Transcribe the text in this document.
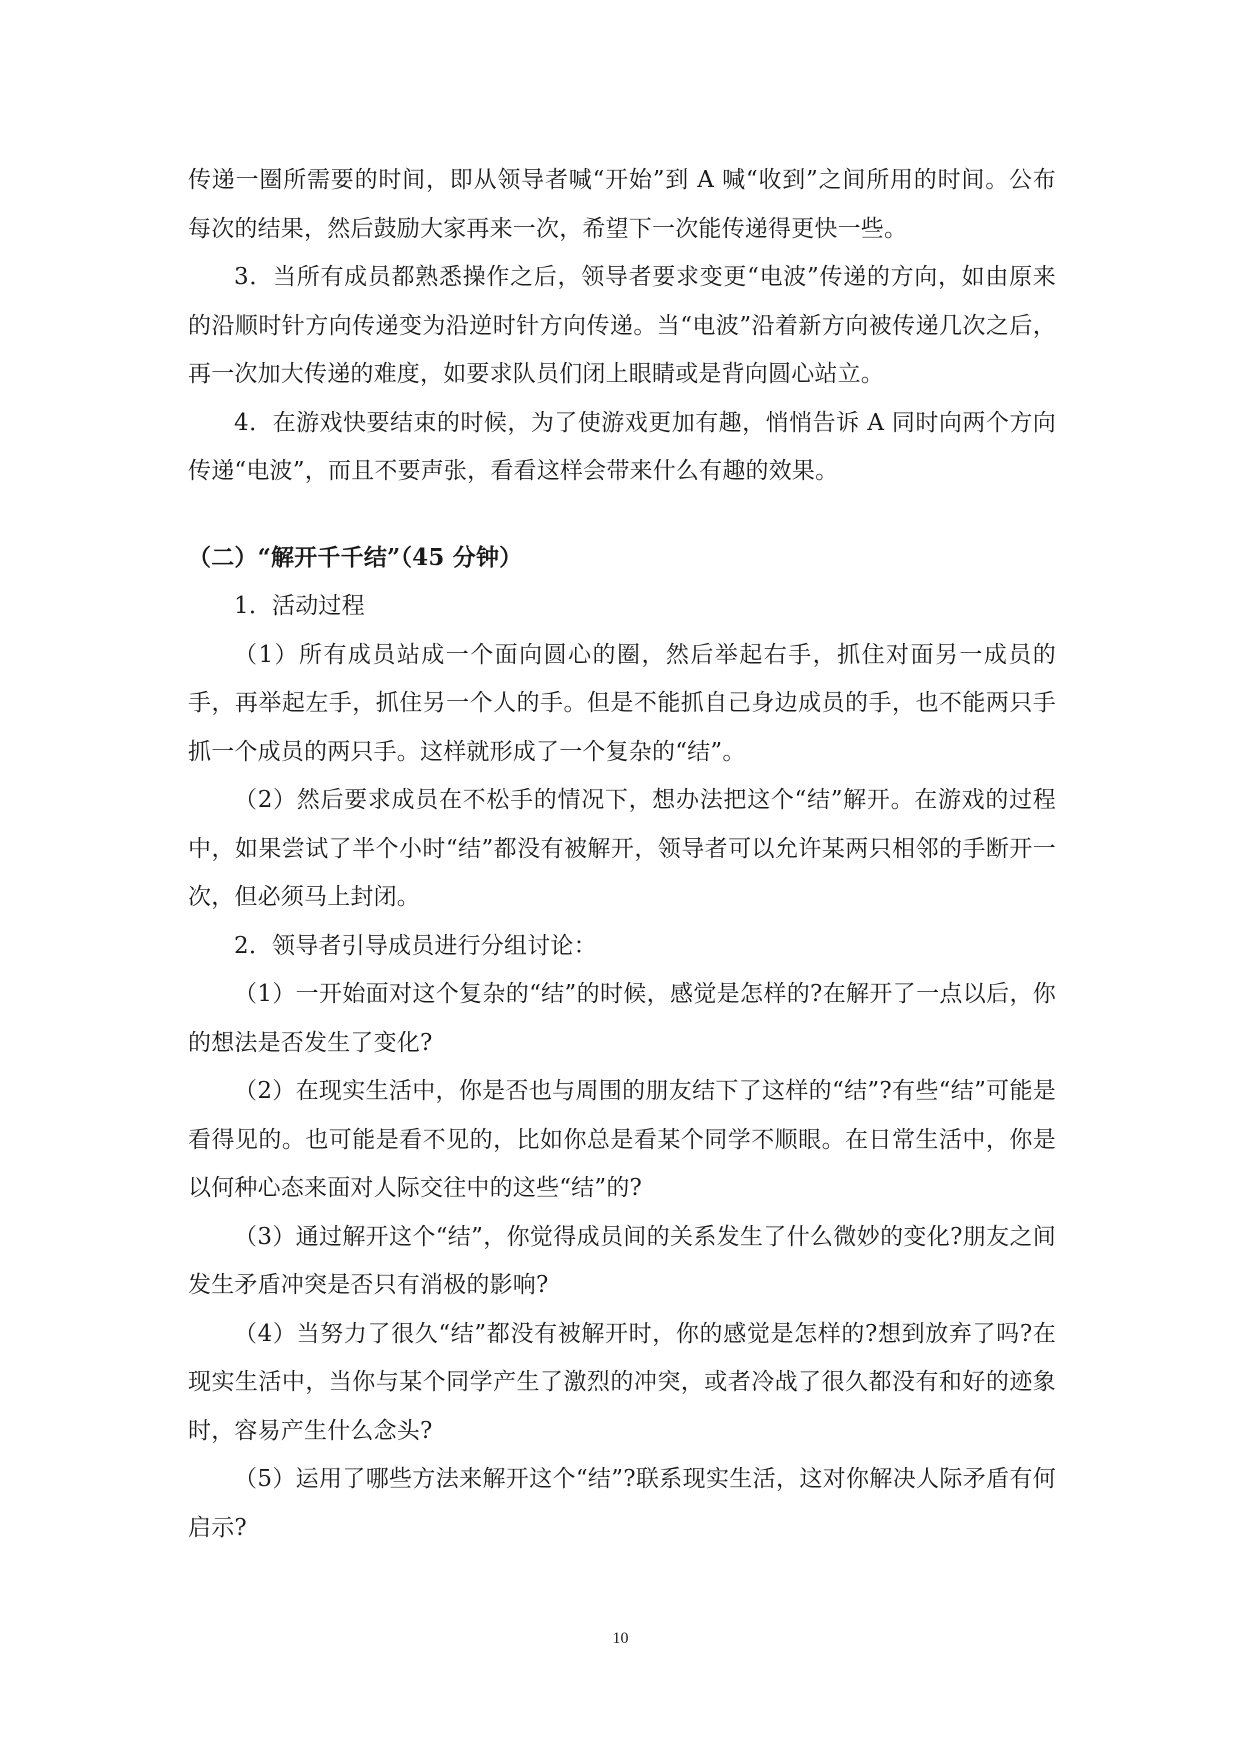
传递一圈所需要的时间，即从领导者喊“开始”到 A 喊“收到”之间所用的时间。公布每次的结果，然后鼓励大家再来一次，希望下一次能传递得更快一些。

3．当所有成员都熟悉操作之后，领导者要求变更“电波”传递的方向，如由原来的沿顺时针方向传递变为沿逆时针方向传递。当“电波”沿着新方向被传递几次之后，再一次加大传递的难度，如要求队员们闭上眼睛或是背向圆心站立。

4．在游戏快要结束的时候，为了使游戏更加有趣，悄悄告诉 A 同时向两个方向传递“电波”，而且不要声张，看看这样会带来什么有趣的效果。

（二）“解开千千结”（45 分钟）

1．活动过程

（1）所有成员站成一个面向圆心的圈，然后举起右手，抓住对面另一成员的手，再举起左手，抓住另一个人的手。但是不能抓自己身边成员的手，也不能两只手抓一个成员的两只手。这样就形成了一个复杂的“结”。

（2）然后要求成员在不松手的情况下，想办法把这个“结”解开。在游戏的过程中，如果尝试了半个小时“结”都没有被解开，领导者可以允许某两只相邻的手断开一次，但必须马上封闭。

2．领导者引导成员进行分组讨论：

（1）一开始面对这个复杂的“结”的时候，感觉是怎样的?在解开了一点以后，你的想法是否发生了变化?

（2）在现实生活中，你是否也与周围的朋友结下了这样的“结”?有些“结”可能是看得见的。也可能是看不见的，比如你总是看某个同学不顺眼。在日常生活中，你是以何种心态来面对人际交往中的这些“结”的?

（3）通过解开这个“结”，你觉得成员间的关系发生了什么微妙的变化?朋友之间发生矛盾冲突是否只有消极的影响?

（4）当努力了很久“结”都没有被解开时，你的感觉是怎样的?想到放弃了吗?在现实生活中，当你与某个同学产生了激烈的冲突，或者冷战了很久都没有和好的迹象时，容易产生什么念头?

（5）运用了哪些方法来解开这个“结”?联系现实生活，这对你解决人际矛盾有何启示?

10
